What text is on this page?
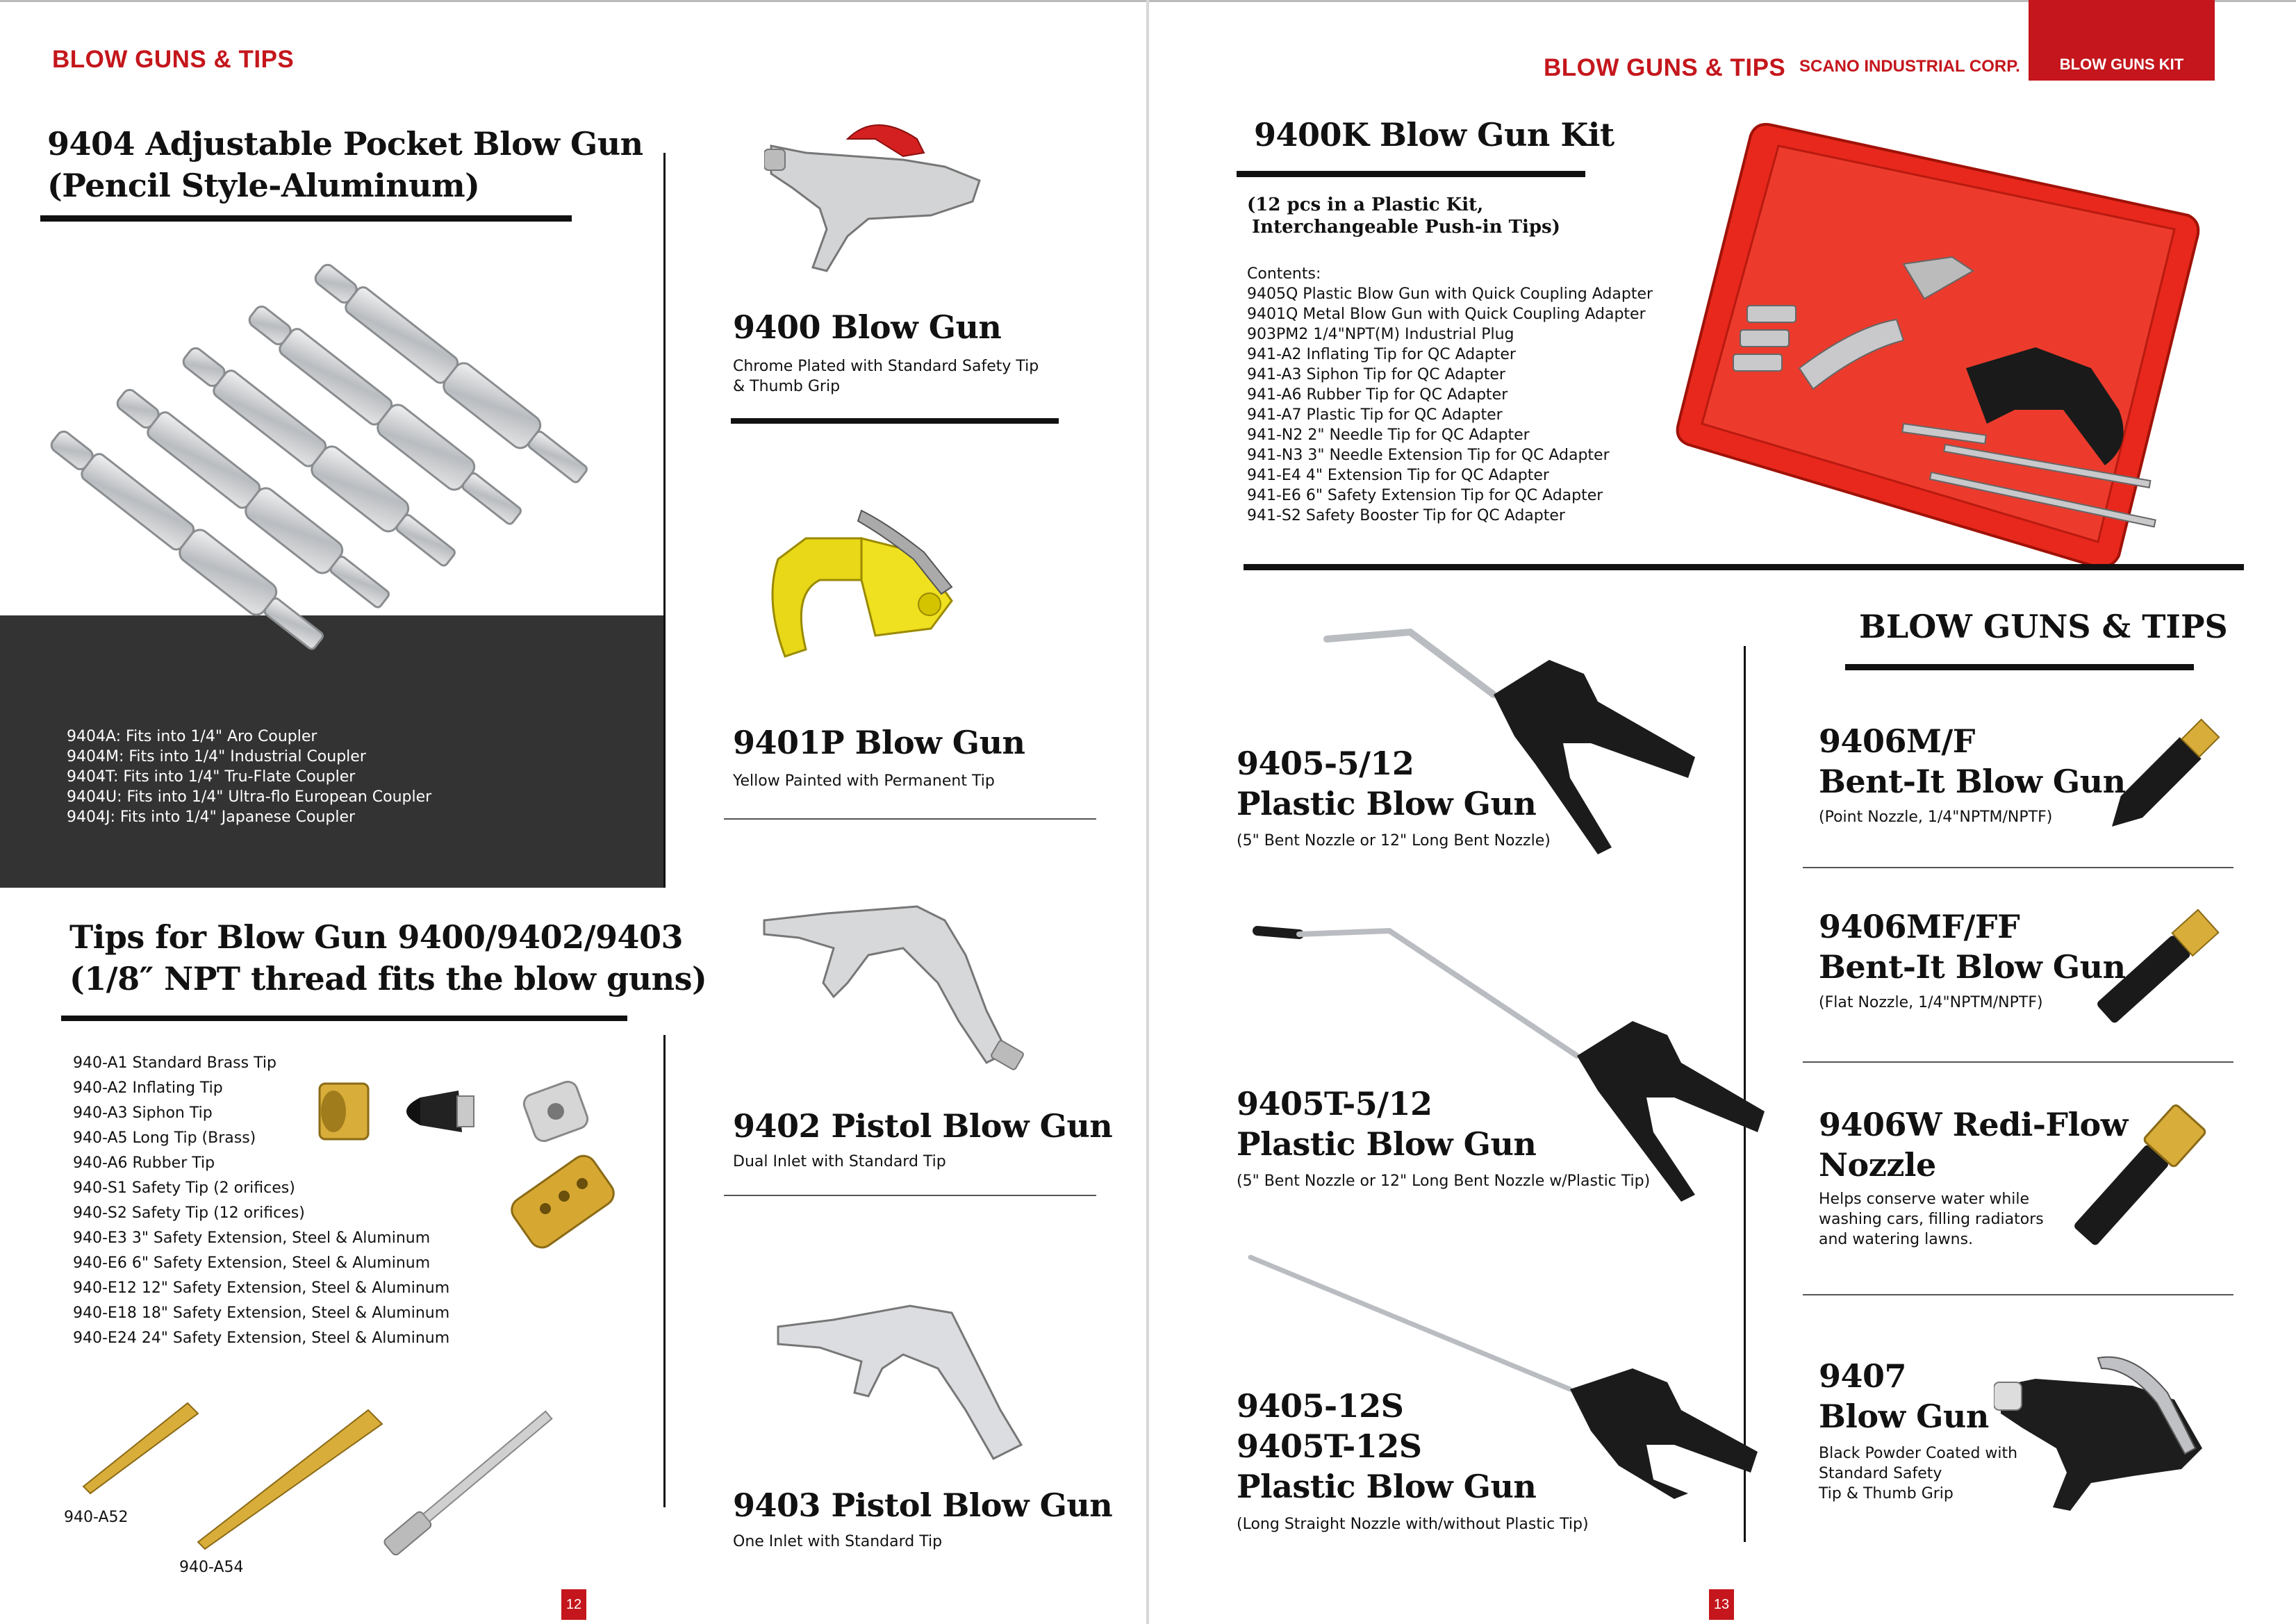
BLOW GUNS & TIPS
9404 Adjustable Pocket Blow Gun
(Pencil Style-Aluminum)
9404A: Fits into 1/4" Aro Coupler
9404M: Fits into 1/4" Industrial Coupler
9404T: Fits into 1/4" Tru-Flate Coupler
9404U: Fits into 1/4" Ultra-flo European Coupler
9404J: Fits into 1/4" Japanese Coupler
Tips for Blow Gun 9400/9402/9403
(1/8″ NPT thread fits the blow guns)
940-A1 Standard Brass Tip
940-A2 Inflating Tip
940-A3 Siphon Tip
940-A5 Long Tip (Brass)
940-A6 Rubber Tip
940-S1 Safety Tip (2 orifices)
940-S2 Safety Tip (12 orifices)
940-E3 3" Safety Extension, Steel & Aluminum
940-E6 6" Safety Extension, Steel & Aluminum
940-E12 12" Safety Extension, Steel & Aluminum
940-E18 18" Safety Extension, Steel & Aluminum
940-E24 24" Safety Extension, Steel & Aluminum
940-A52
940-A54
9400 Blow Gun
Chrome Plated with Standard Safety Tip
& Thumb Grip
9401P Blow Gun
Yellow Painted with Permanent Tip
9402 Pistol Blow Gun
Dual Inlet with Standard Tip
9403 Pistol Blow Gun
One Inlet with Standard Tip
12
BLOW GUNS & TIPS SCANO INDUSTRIAL CORP.	BLOW GUNS KIT
9400K Blow Gun Kit
(12 pcs in a Plastic Kit,
Interchangeable Push-in Tips)
Contents:
9405Q Plastic Blow Gun with Quick Coupling Adapter
9401Q Metal Blow Gun with Quick Coupling Adapter
903PM2 1/4"NPT(M) Industrial Plug
941-A2 Inflating Tip for QC Adapter
941-A3 Siphon Tip for QC Adapter
941-A6 Rubber Tip for QC Adapter
941-A7 Plastic Tip for QC Adapter
941-N2 2" Needle Tip for QC Adapter
941-N3 3" Needle Extension Tip for QC Adapter
941-E4 4" Extension Tip for QC Adapter
941-E6 6" Safety Extension Tip for QC Adapter
941-S2 Safety Booster Tip for QC Adapter
BLOW GUNS & TIPS
9405-5/12
Plastic Blow Gun
(5" Bent Nozzle or 12" Long Bent Nozzle)
9405T-5/12
Plastic Blow Gun
(5" Bent Nozzle or 12" Long Bent Nozzle w/Plastic Tip)
9405-12S
9405T-12S
Plastic Blow Gun
(Long Straight Nozzle with/without Plastic Tip)
9406M/F
Bent-It Blow Gun
(Point Nozzle, 1/4"NPTM/NPTF)
9406MF/FF
Bent-It Blow Gun
(Flat Nozzle, 1/4"NPTM/NPTF)
9406W Redi-Flow
Nozzle
Helps conserve water while
washing cars, filling radiators
and watering lawns.
9407
Blow Gun
Black Powder Coated with
Standard Safety
Tip & Thumb Grip
13
